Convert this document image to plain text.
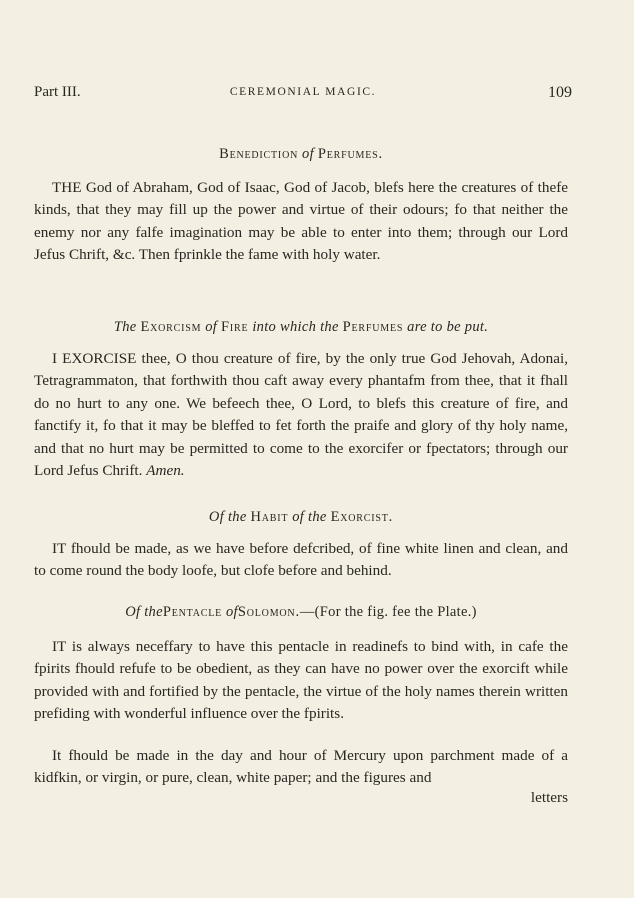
Part III.	CEREMONIAL MAGIC.	109
Benediction of Perfumes.
THE God of Abraham, God of Isaac, God of Jacob, blefs here the creatures of thefe kinds, that they may fill up the power and virtue of their odours; fo that neither the enemy nor any falfe imagination may be able to enter into them; through our Lord Jefus Chrift, &c. Then fprinkle the fame with holy water.
The Exorcism of Fire into which the Perfumes are to be put.
I EXORCISE thee, O thou creature of fire, by the only true God Jehovah, Adonai, Tetragrammaton, that forthwith thou caft away every phantafm from thee, that it fhall do no hurt to any one. We befeech thee, O Lord, to blefs this creature of fire, and fanctify it, fo that it may be bleffed to fet forth the praife and glory of thy holy name, and that no hurt may be permitted to come to the exorcifer or fpectators; through our Lord Jefus Chrift. Amen.
Of the Habit of the Exorcist.
IT fhould be made, as we have before defcribed, of fine white linen and clean, and to come round the body loofe, but clofe before and behind.
Of thePentacle ofSolomon.—(For the fig. fee the Plate.)
IT is always neceffary to have this pentacle in readinefs to bind with, in cafe the fpirits fhould refufe to be obedient, as they can have no power over the exorcift while provided with and fortified by the pentacle, the virtue of the holy names therein written prefiding with wonderful influence over the fpirits.
It fhould be made in the day and hour of Mercury upon parchment made of a kidfkin, or virgin, or pure, clean, white paper; and the figures and
letters
